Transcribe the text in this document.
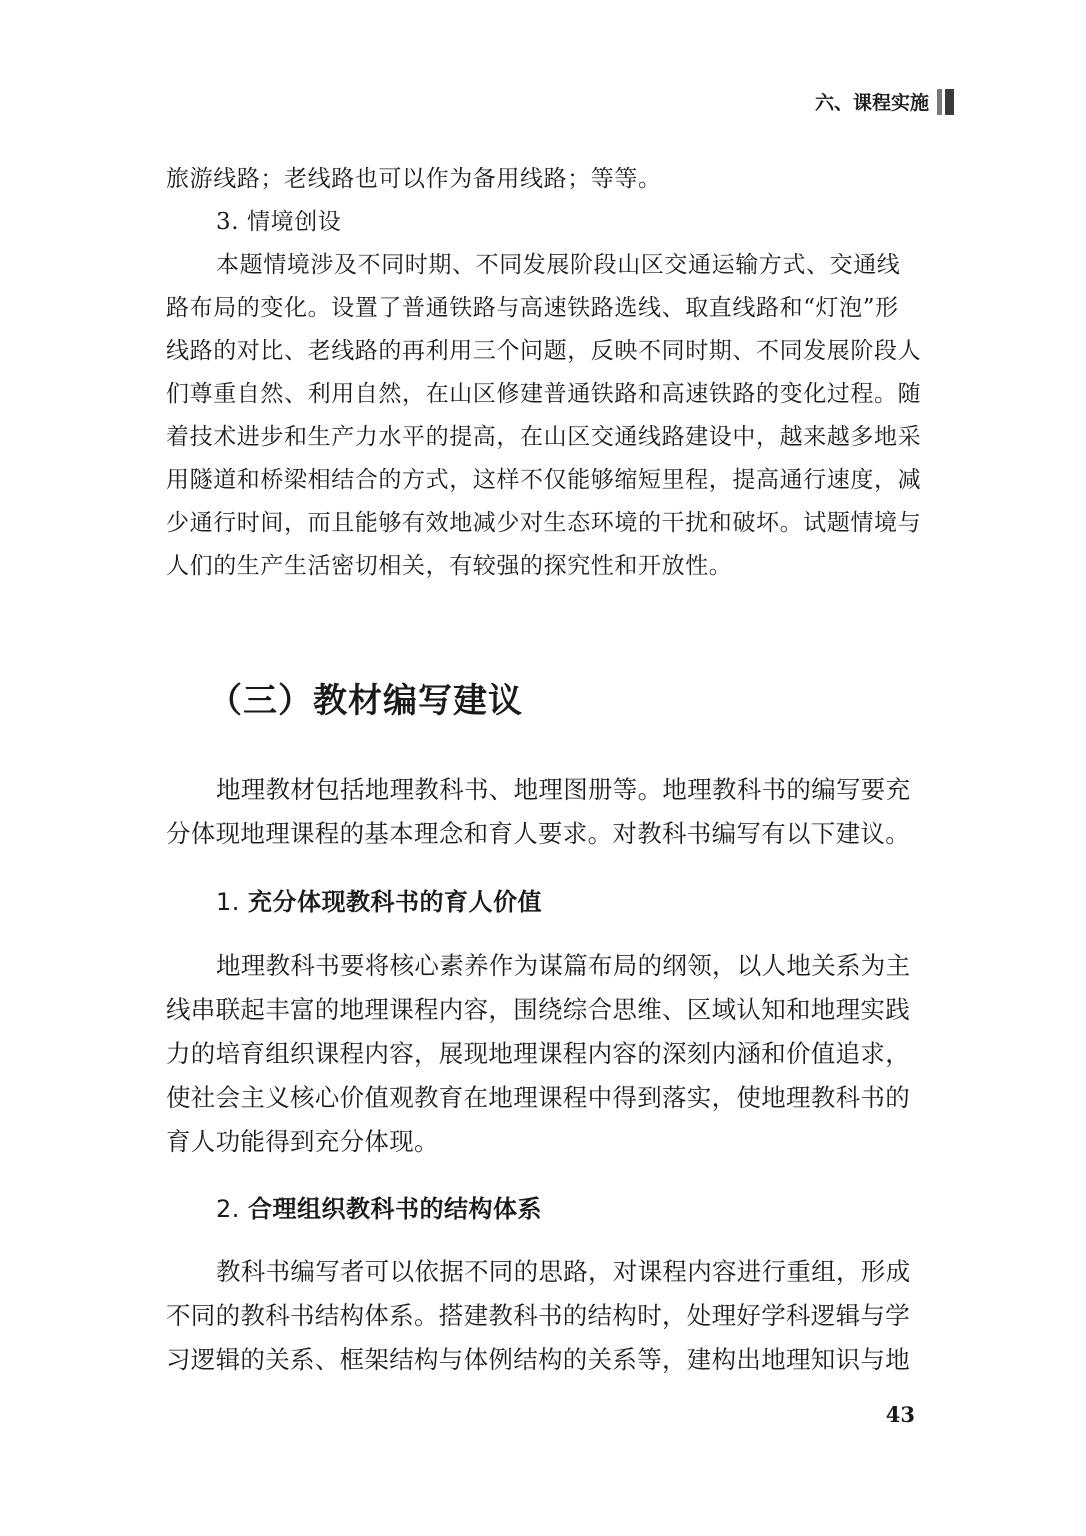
六、课程实施

旅游线路；老线路也可以作为备用线路；等等。

3. 情境创设

本题情境涉及不同时期、不同发展阶段山区交通运输方式、交通线路布局的变化。设置了普通铁路与高速铁路选线、取直线路和“灯泡”形线路的对比、老线路的再利用三个问题，反映不同时期、不同发展阶段人们尊重自然、利用自然，在山区修建普通铁路和高速铁路的变化过程。随着技术进步和生产力水平的提高，在山区交通线路建设中，越来越多地采用隧道和桥梁相结合的方式，这样不仅能够缩短里程，提高通行速度，减少通行时间，而且能够有效地减少对生态环境的干扰和破坏。试题情境与人们的生产生活密切相关，有较强的探究性和开放性。

（三）教材编写建议

地理教材包括地理教科书、地理图册等。地理教科书的编写要充分体现地理课程的基本理念和育人要求。对教科书编写有以下建议。

1. 充分体现教科书的育人价值

地理教科书要将核心素养作为谋篇布局的纲领，以人地关系为主线串联起丰富的地理课程内容，围绕综合思维、区域认知和地理实践力的培育组织课程内容，展现地理课程内容的深刻内涵和价值追求，使社会主义核心价值观教育在地理课程中得到落实，使地理教科书的育人功能得到充分体现。

2. 合理组织教科书的结构体系

教科书编写者可以依据不同的思路，对课程内容进行重组，形成不同的教科书结构体系。搭建教科书的结构时，处理好学科逻辑与学习逻辑的关系、框架结构与体例结构的关系等，建构出地理知识与地

43
